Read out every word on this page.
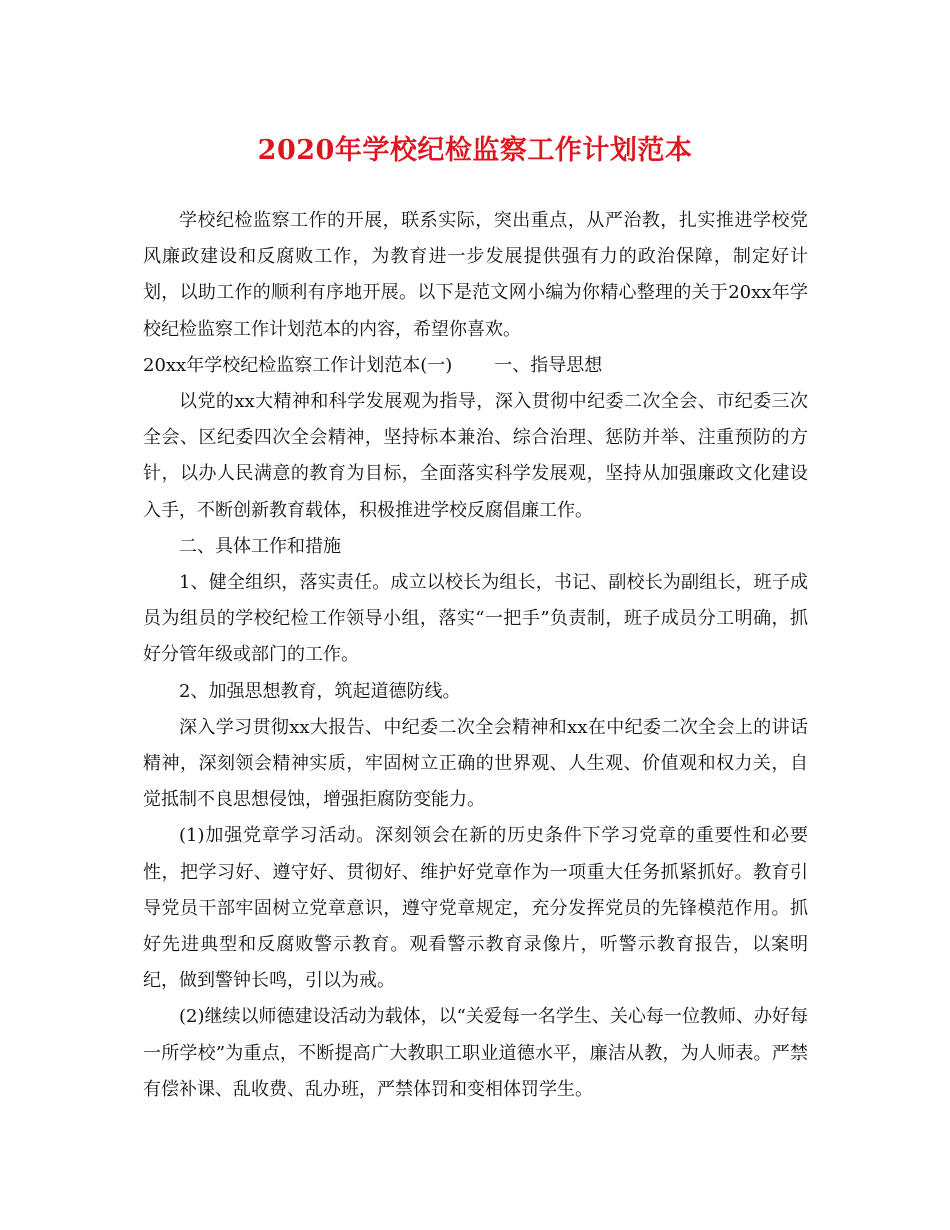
2020年学校纪检监察工作计划范本

学校纪检监察工作的开展，联系实际，突出重点，从严治教，扎实推进学校党风廉政建设和反腐败工作，为教育进一步发展提供强有力的政治保障，制定好计划，以助工作的顺利有序地开展。以下是范文网小编为你精心整理的关于20xx年学校纪检监察工作计划范本的内容，希望你喜欢。

20xx年学校纪检监察工作计划范本(一) 一、指导思想

以党的xx大精神和科学发展观为指导，深入贯彻中纪委二次全会、市纪委三次全会、区纪委四次全会精神，坚持标本兼治、综合治理、惩防并举、注重预防的方针，以办人民满意的教育为目标，全面落实科学发展观，坚持从加强廉政文化建设入手，不断创新教育载体，积极推进学校反腐倡廉工作。

二、具体工作和措施

1、健全组织，落实责任。成立以校长为组长，书记、副校长为副组长，班子成员为组员的学校纪检工作领导小组，落实“一把手”负责制，班子成员分工明确，抓好分管年级或部门的工作。

2、加强思想教育，筑起道德防线。

深入学习贯彻xx大报告、中纪委二次全会精神和xx在中纪委二次全会上的讲话精神，深刻领会精神实质，牢固树立正确的世界观、人生观、价值观和权力关，自觉抵制不良思想侵蚀，增强拒腐防变能力。

(1)加强党章学习活动。深刻领会在新的历史条件下学习党章的重要性和必要性，把学习好、遵守好、贯彻好、维护好党章作为一项重大任务抓紧抓好。教育引导党员干部牢固树立党章意识，遵守党章规定，充分发挥党员的先锋模范作用。抓好先进典型和反腐败警示教育。观看警示教育录像片，听警示教育报告，以案明纪，做到警钟长鸣，引以为戒。

(2)继续以师德建设活动为载体，以“关爱每一名学生、关心每一位教师、办好每一所学校”为重点，不断提高广大教职工职业道德水平，廉洁从教，为人师表。严禁有偿补课、乱收费、乱办班，严禁体罚和变相体罚学生。
